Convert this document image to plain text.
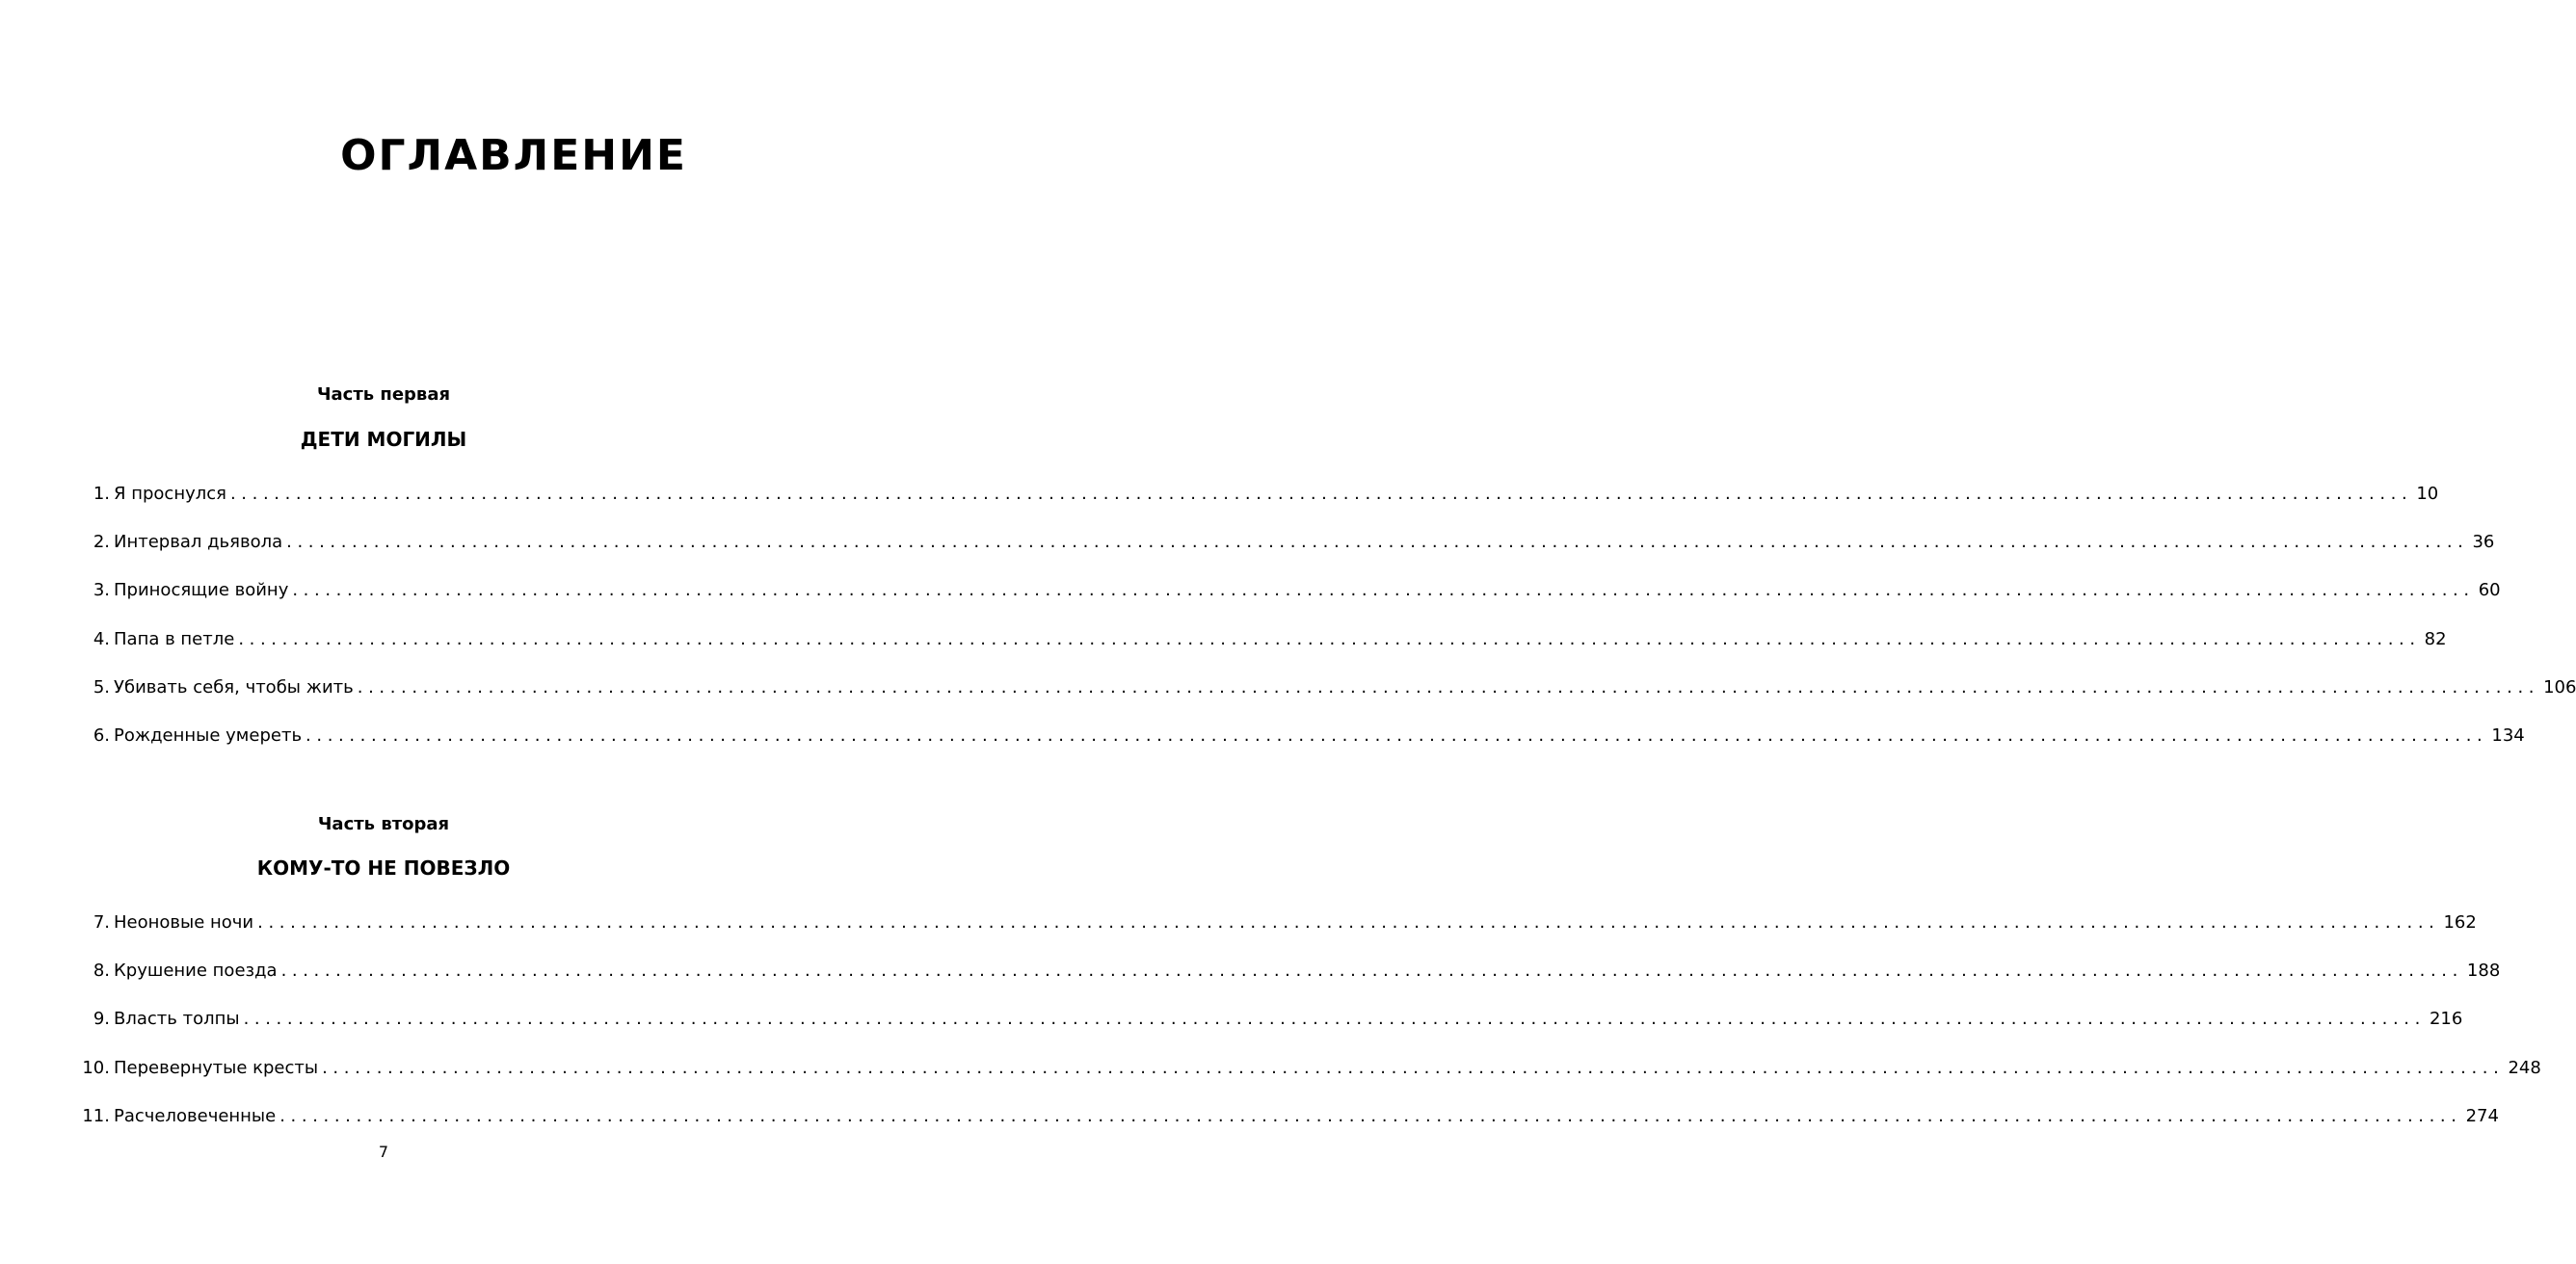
ОГЛАВЛЕНИЕ
Часть первая
ДЕТИ МОГИЛЫ
1. Я проснулся ........................................................................................................................................................................................................ 10
2. Интервал дьявола ........................................................................................................................................................................................................ 36
3. Приносящие войну ........................................................................................................................................................................................................ 60
4. Папа в петле ........................................................................................................................................................................................................ 82
5. Убивать себя, чтобы жить ........................................................................................................................................................................................................ 106
6. Рожденные умереть ........................................................................................................................................................................................................ 134
Часть вторая
КОМУ-ТО НЕ ПОВЕЗЛО
7. Неоновые ночи ........................................................................................................................................................................................................ 162
8. Крушение поезда ........................................................................................................................................................................................................ 188
9. Власть толпы ........................................................................................................................................................................................................ 216
10. Перевернутые кресты ........................................................................................................................................................................................................ 248
11. Расчеловеченные ........................................................................................................................................................................................................ 274
7
